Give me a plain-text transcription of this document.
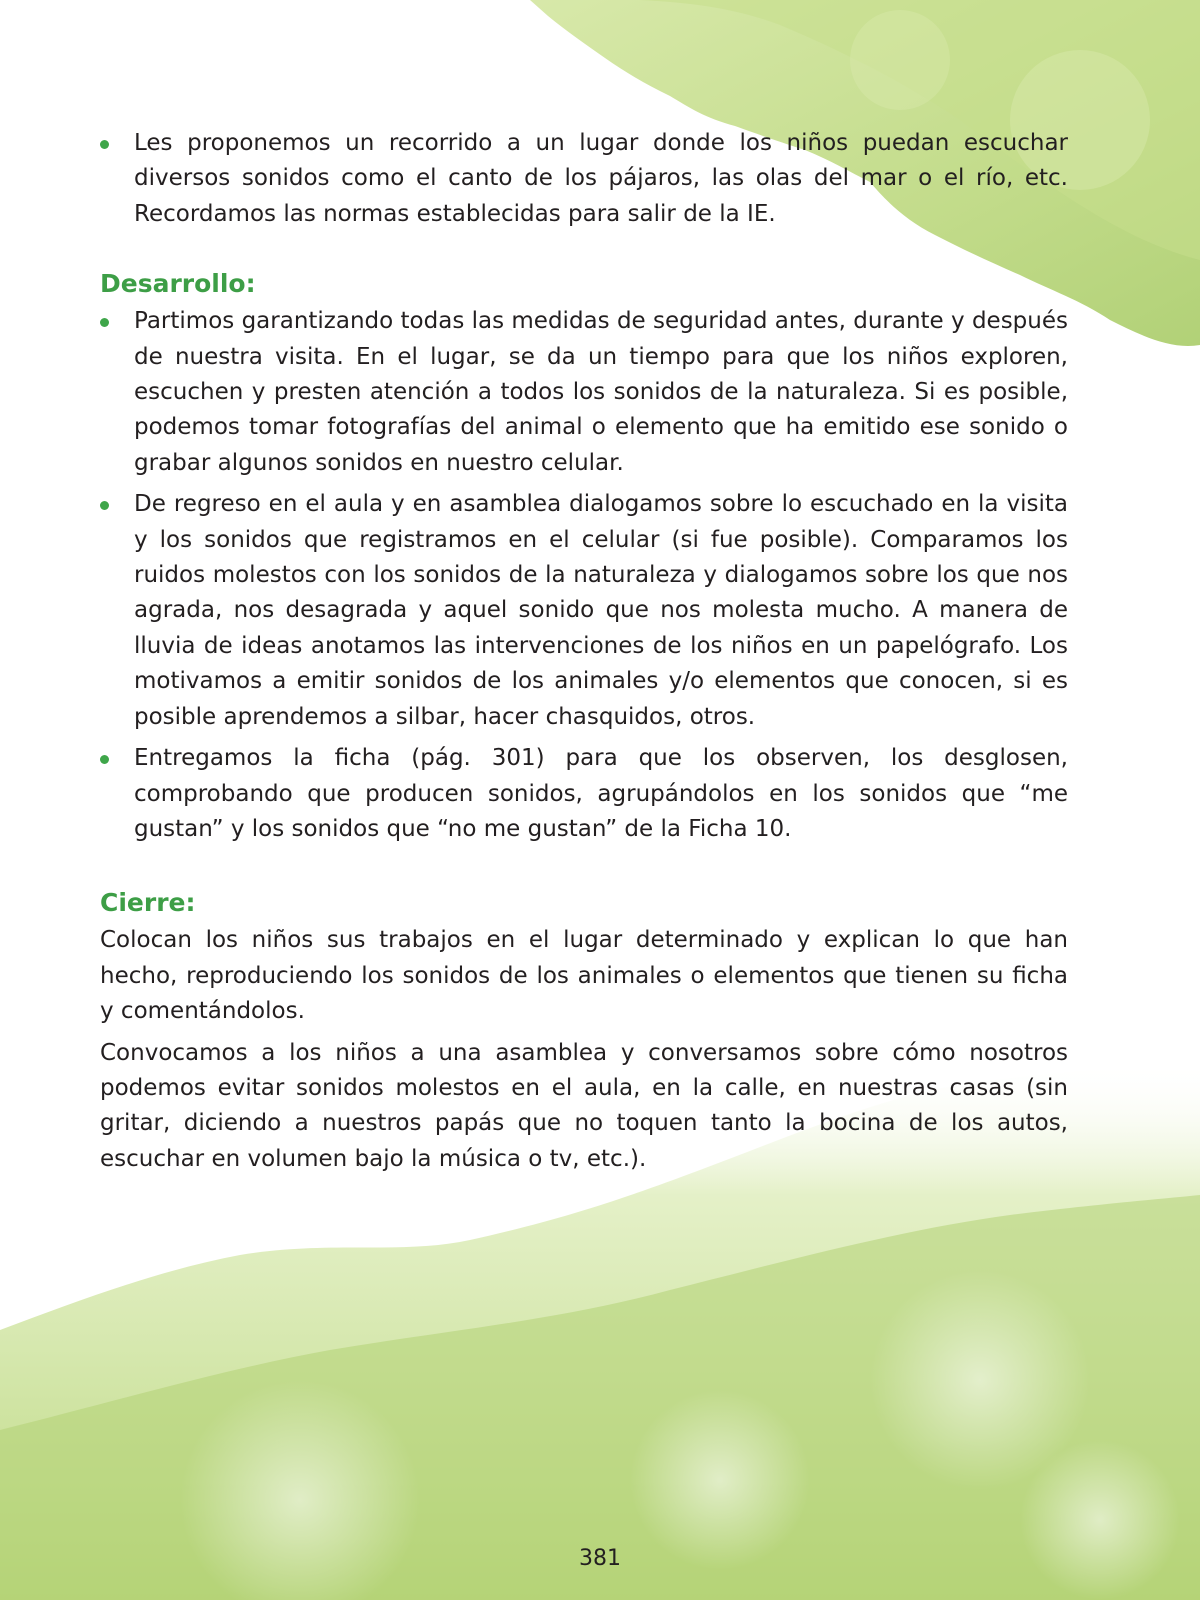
Les proponemos un recorrido a un lugar donde los niños puedan escuchar diversos sonidos como el canto de los pájaros, las olas del mar o el río, etc. Recordamos las normas establecidas para salir de la IE.
Desarrollo:
Partimos garantizando todas las medidas de seguridad antes, durante y después de nuestra visita. En el lugar, se da un tiempo para que los niños exploren, escuchen y presten atención a todos los sonidos de la naturaleza. Si es posible, podemos tomar fotografías del animal o elemento que ha emitido ese sonido o grabar algunos sonidos en nuestro celular.
De regreso en el aula y en asamblea dialogamos sobre lo escuchado en la visita y los sonidos que registramos en el celular (si fue posible). Comparamos los ruidos molestos con los sonidos de la naturaleza y dialogamos sobre los que nos agrada, nos desagrada y aquel sonido que nos molesta mucho. A manera de lluvia de ideas anotamos las intervenciones de los niños en un papelógrafo. Los motivamos a emitir sonidos de los animales y/o elementos que conocen, si es posible aprendemos a silbar, hacer chasquidos, otros.
Entregamos la ficha (pág. 301) para que los observen, los desglosen, comprobando que producen sonidos, agrupándolos en los sonidos que “me gustan” y los sonidos que “no me gustan” de la Ficha 10.
Cierre:

Colocan los niños sus trabajos en el lugar determinado y explican lo que han hecho, reproduciendo los sonidos de los animales o elementos que tienen su ficha y comentándolos.

Convocamos a los niños a una asamblea y conversamos sobre cómo nosotros podemos evitar sonidos molestos en el aula, en la calle, en nuestras casas (sin gritar, diciendo a nuestros papás que no toquen tanto la bocina de los autos, escuchar en volumen bajo la música o tv, etc.).

381
